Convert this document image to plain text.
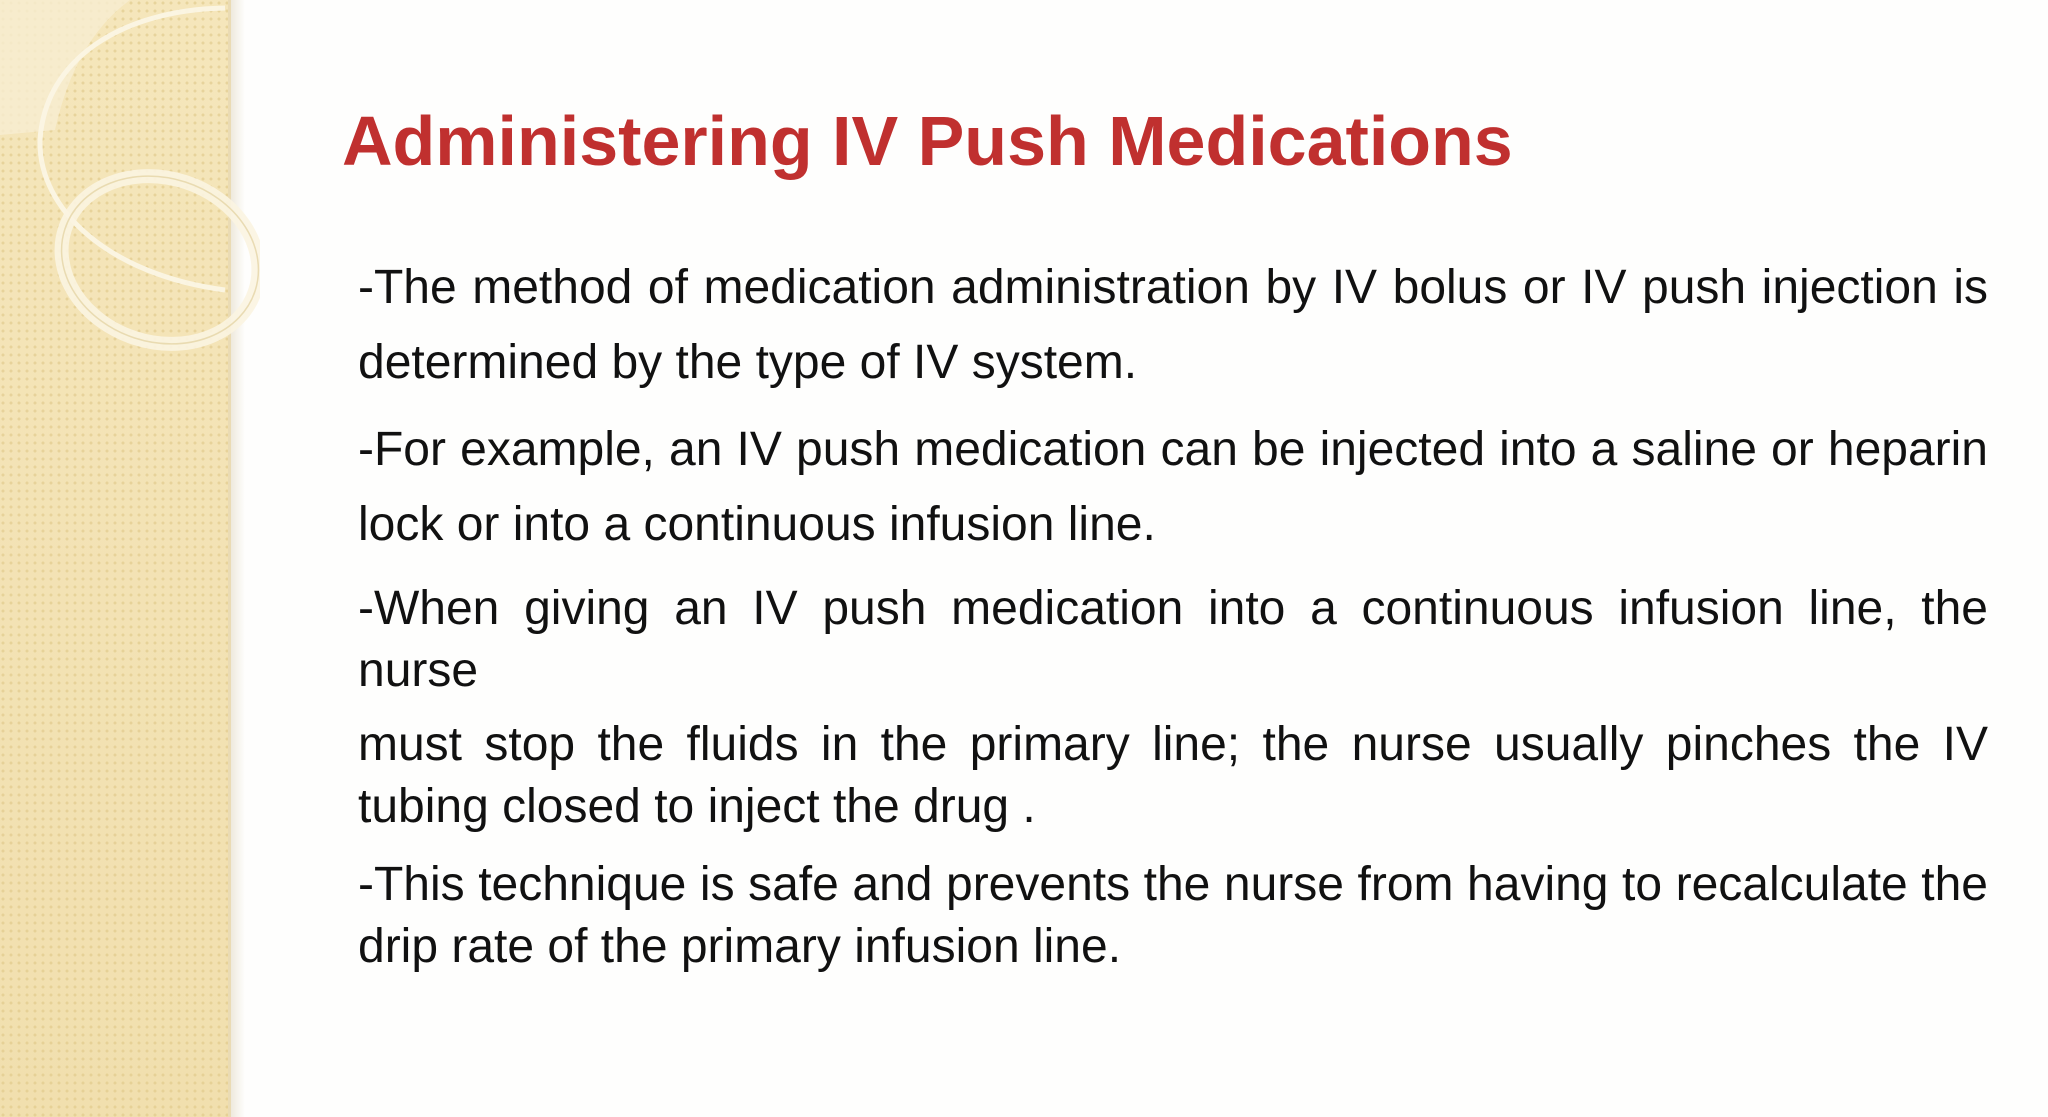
Administering IV Push Medications

-The method of medication administration by IV bolus or IV push injection is determined by the type of IV system.

-For example, an IV push medication can be injected into a saline or heparin lock or into a continuous infusion line.

-When giving an IV push medication into a continuous infusion line, the nurse

must stop the fluids in the primary line; the nurse usually pinches the IV tubing closed to inject the drug .

-This technique is safe and prevents the nurse from having to recalculate the drip rate of the primary infusion line.
